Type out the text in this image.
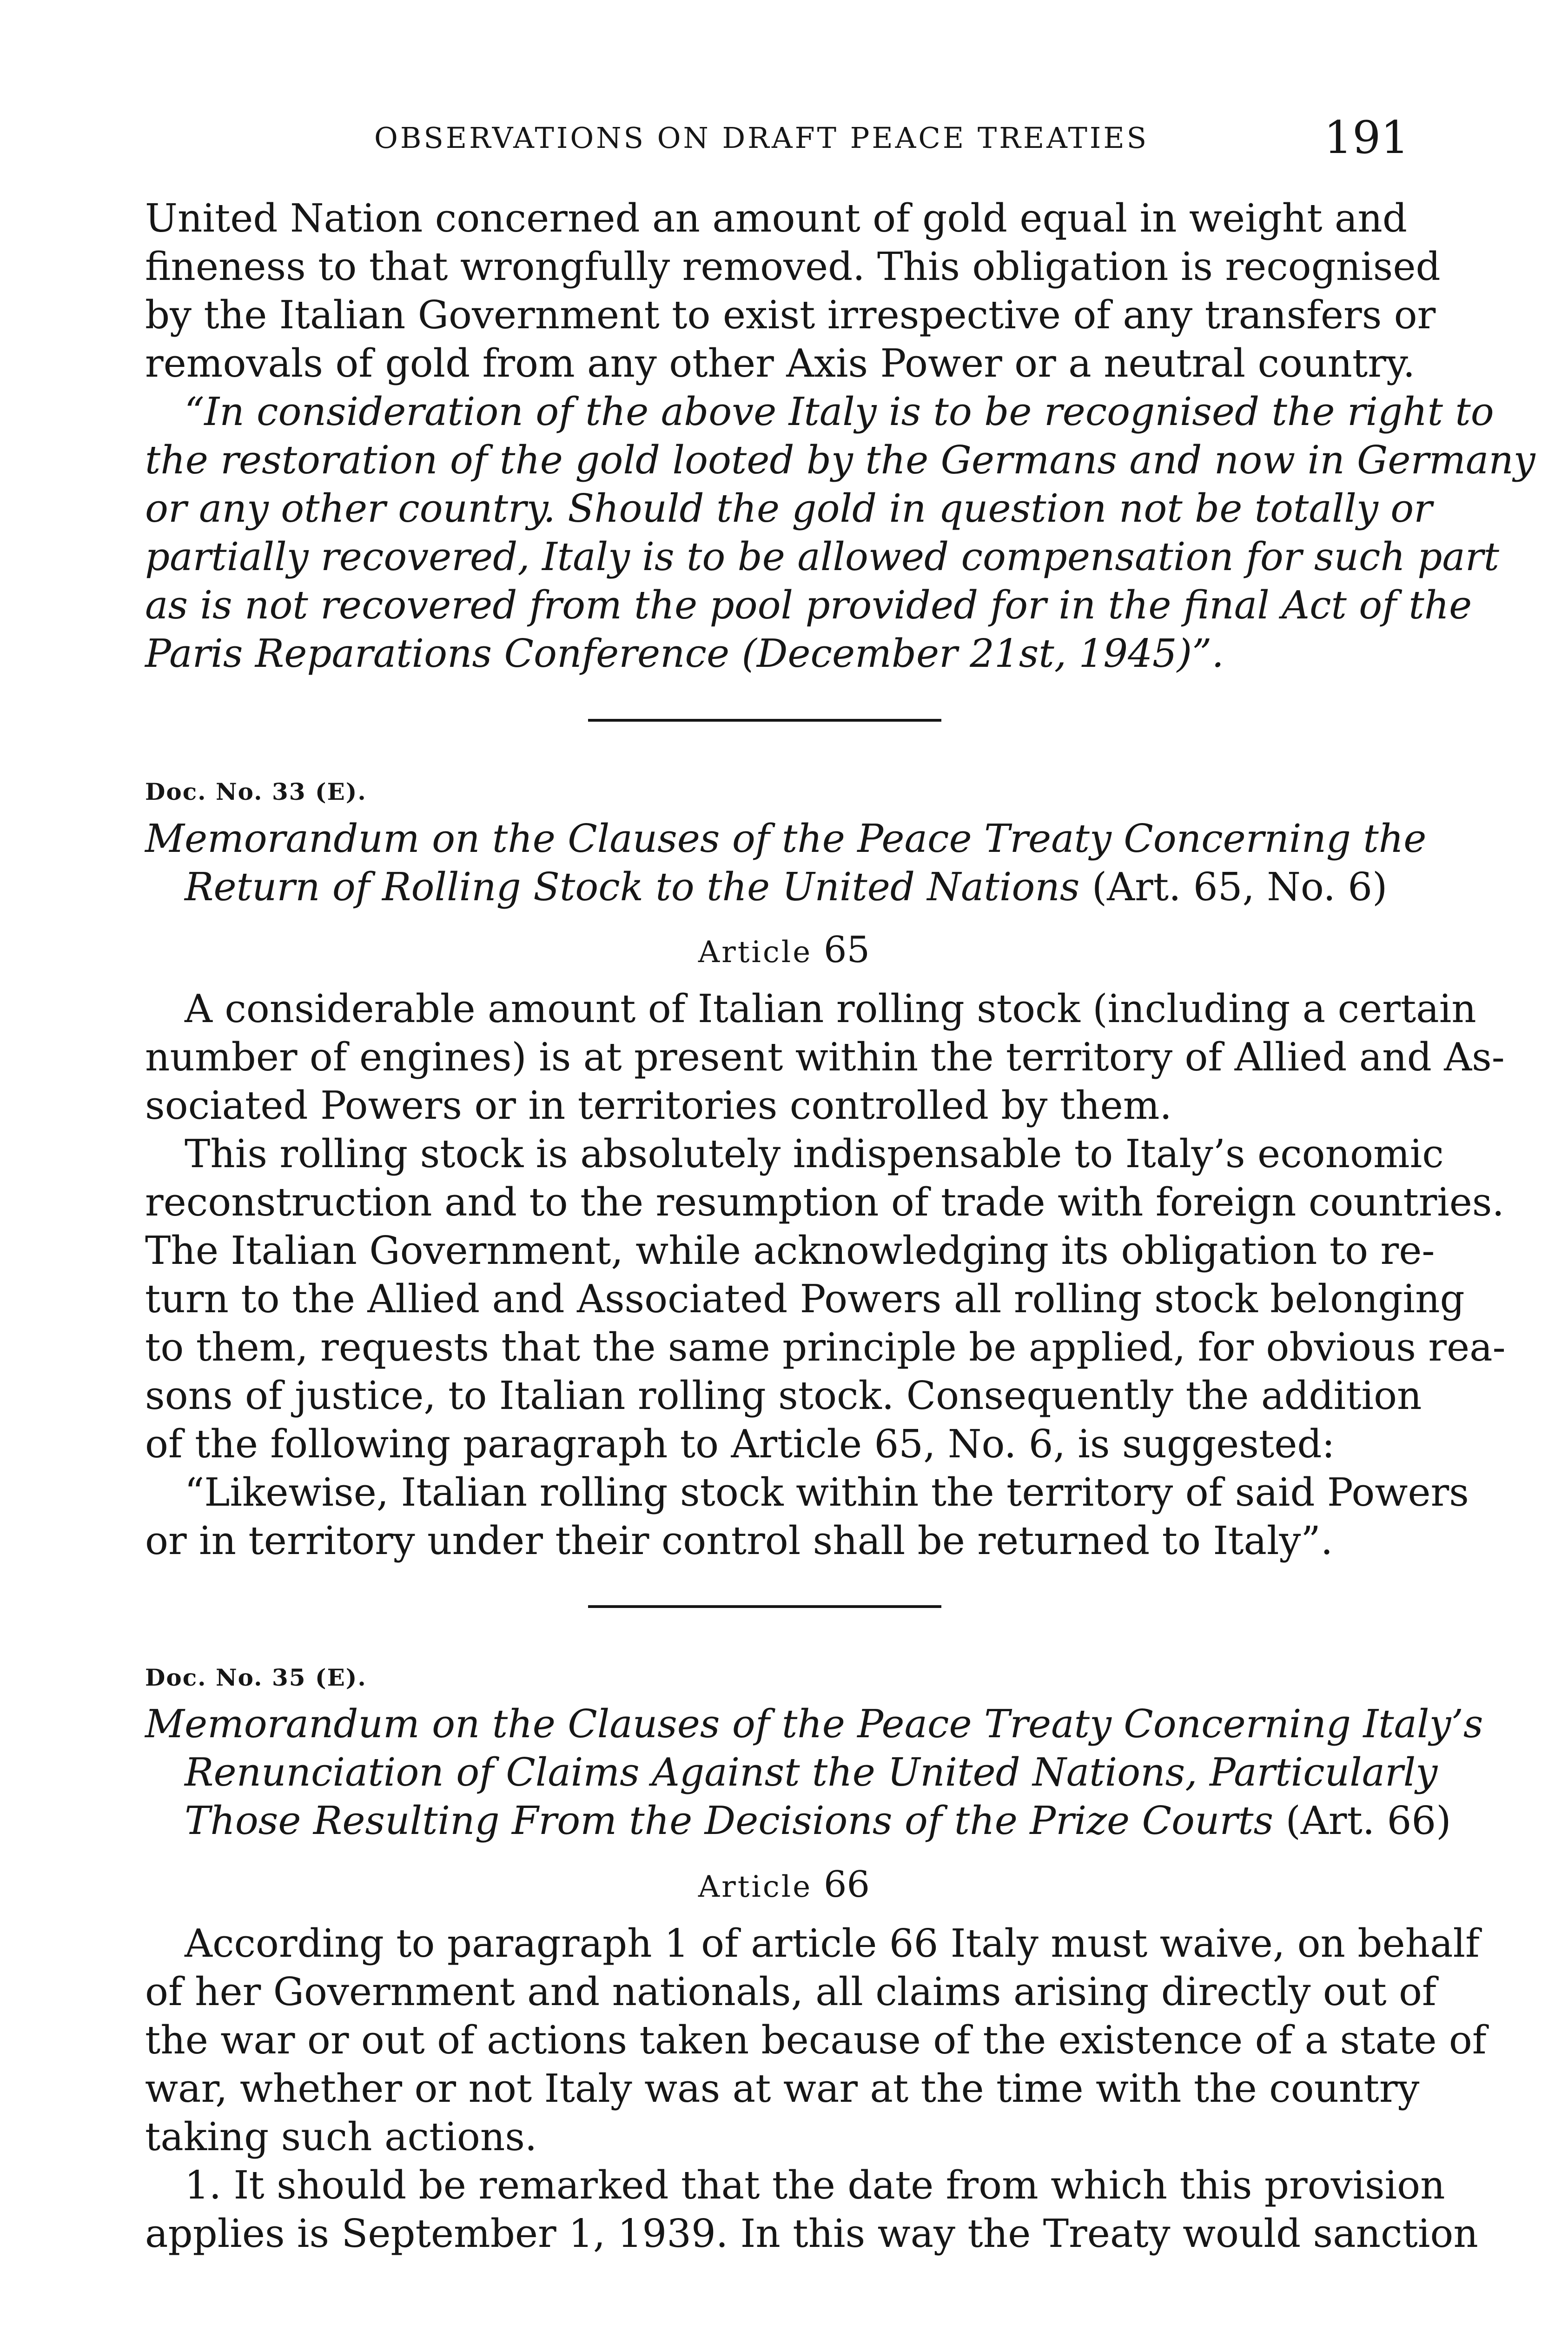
OBSERVATIONS ON DRAFT PEACE TREATIES	191
United Nation concerned an amount of gold equal in weight and
fineness to that wrongfully removed. This obligation is recognised
by the Italian Government to exist irrespective of any transfers or
removals of gold from any other Axis Power or a neutral country.
“In consideration of the above Italy is to be recognised the right to
the restoration of the gold looted by the Germans and now in Germany
or any other country. Should the gold in question not be totally or
partially recovered, Italy is to be allowed compensation for such part
as is not recovered from the pool provided for in the final Act of the
Paris Reparations Conference (December 21st, 1945)”.
Doc. No. 33 (E).
Memorandum on the Clauses of the Peace Treaty Concerning the
Return of Rolling Stock to the United Nations (Art. 65, No. 6)
Article 65
A considerable amount of Italian rolling stock (including a certain
number of engines) is at present within the territory of Allied and As-
sociated Powers or in territories controlled by them.
This rolling stock is absolutely indispensable to Italy’s economic
reconstruction and to the resumption of trade with foreign countries.
The Italian Government, while acknowledging its obligation to re-
turn to the Allied and Associated Powers all rolling stock belonging
to them, requests that the same principle be applied, for obvious rea-
sons of justice, to Italian rolling stock. Consequently the addition
of the following paragraph to Article 65, No. 6, is suggested:
“Likewise, Italian rolling stock within the territory of said Powers
or in territory under their control shall be returned to Italy”.
Doc. No. 35 (E).
Memorandum on the Clauses of the Peace Treaty Concerning Italy’s
Renunciation of Claims Against the United Nations, Particularly
Those Resulting From the Decisions of the Prize Courts (Art. 66)
Article 66
According to paragraph 1 of article 66 Italy must waive, on behalf
of her Government and nationals, all claims arising directly out of
the war or out of actions taken because of the existence of a state of
war, whether or not Italy was at war at the time with the country
taking such actions.
1. It should be remarked that the date from which this provision
applies is September 1, 1939. In this way the Treaty would sanction
